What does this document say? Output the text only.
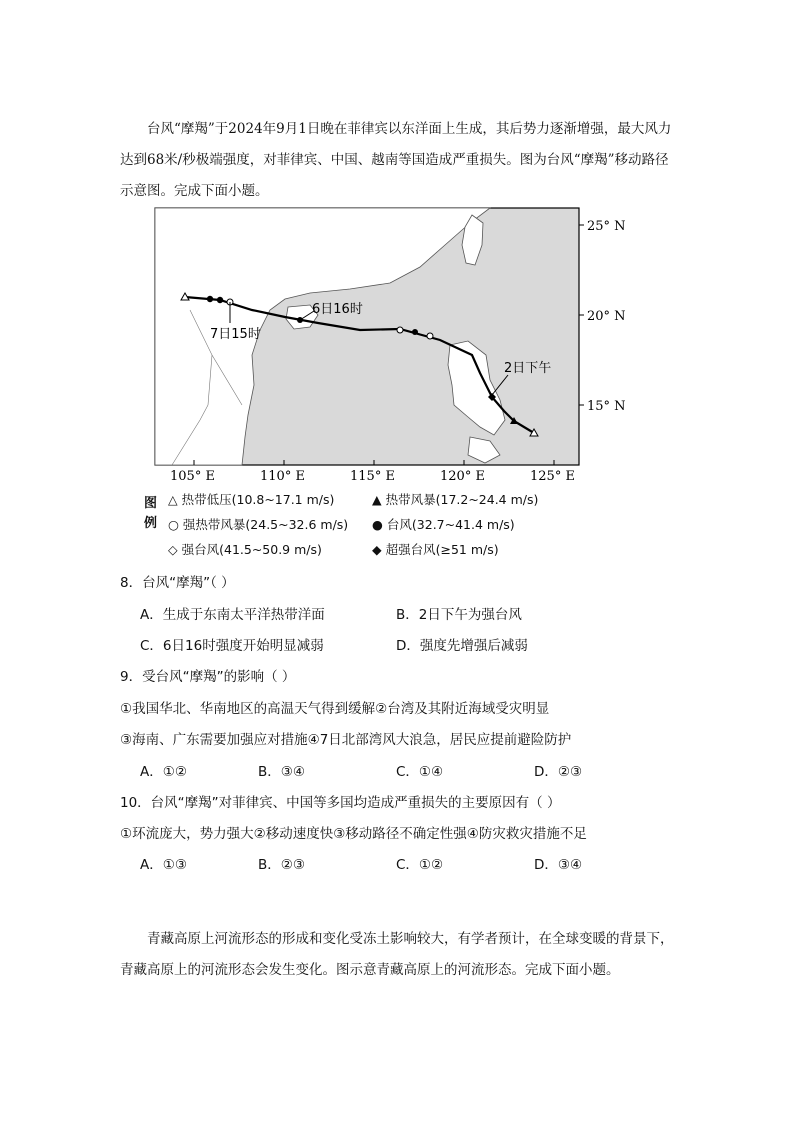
台风“摩羯”于2024年9月1日晚在菲律宾以东洋面上生成，其后势力逐渐增强，最大风力达到68米/秒极端强度，对菲律宾、中国、越南等国造成严重损失。图为台风“摩羯”移动路径示意图。完成下面小题。

7日15时
6日16时
2日下午
25° N
20° N
15° N
105° E	110° E	115° E	120° E	125° E
图例
△ 热带低压(10.8~17.1 m/s)	▲ 热带风暴(17.2~24.4 m/s)
○ 强热带风暴(24.5~32.6 m/s) ● 台风(32.7~41.4 m/s)
◇ 强台风(41.5~50.9 m/s)	◆ 超强台风(≥51 m/s)
8．台风“摩羯”（ ）
A．生成于东南太平洋热带洋面	B．2日下午为强台风
C．6日16时强度开始明显减弱	D．强度先增强后减弱
9．受台风“摩羯”的影响（ ）
①我国华北、华南地区的高温天气得到缓解②台湾及其附近海域受灾明显
③海南、广东需要加强应对措施④7日北部湾风大浪急，居民应提前避险防护
A．①②	B．③④	C．①④	D．②③
10．台风“摩羯”对菲律宾、中国等多国均造成严重损失的主要原因有（ ）
①环流庞大，势力强大②移动速度快③移动路径不确定性强④防灾救灾措施不足
A．①③	B．②③	C．①②	D．③④

青藏高原上河流形态的形成和变化受冻土影响较大，有学者预计，在全球变暖的背景下，青藏高原上的河流形态会发生变化。图示意青藏高原上的河流形态。完成下面小题。
